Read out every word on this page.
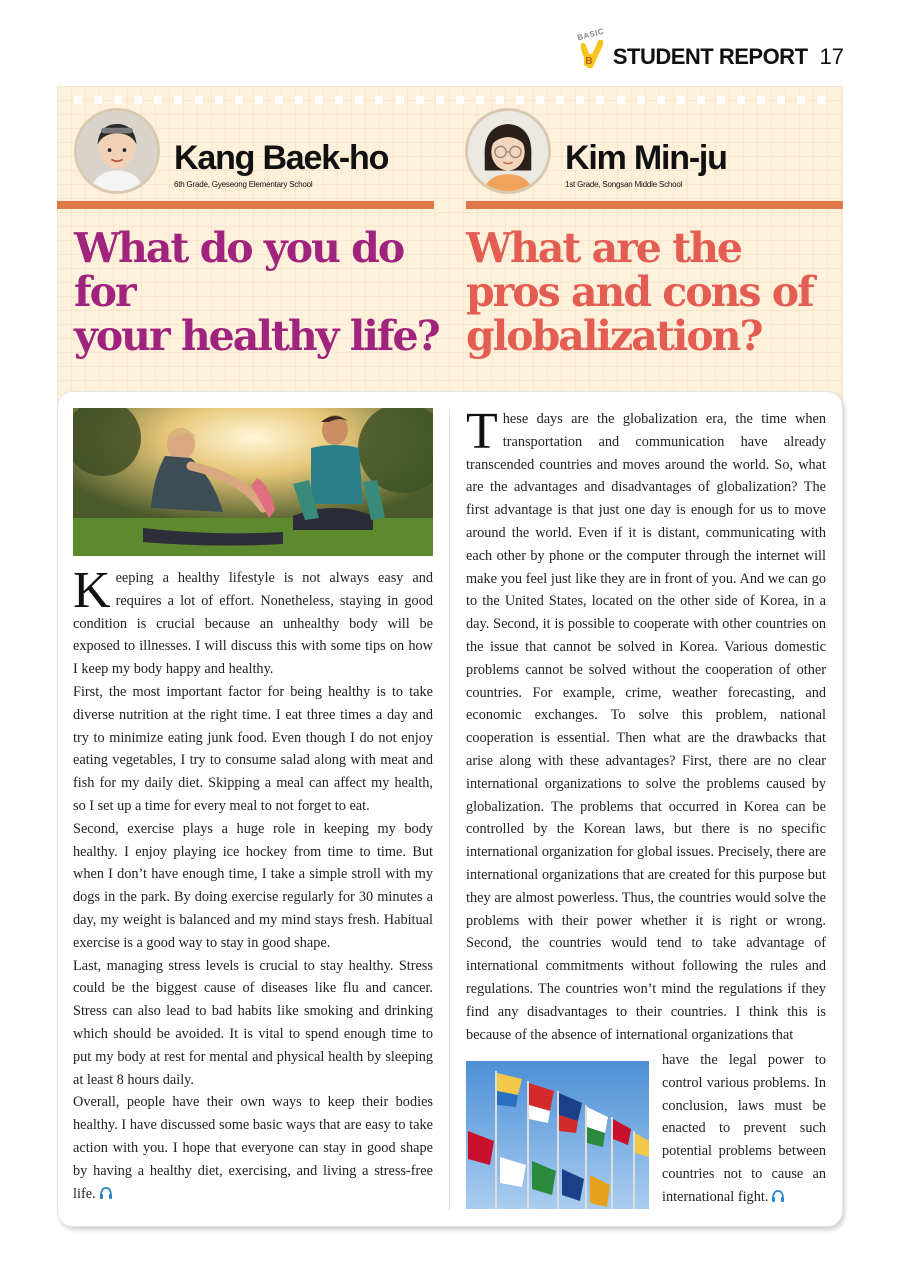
BASIC
B STUDENT REPORT 17
Kang Baek-ho
6th Grade, Gyeseong Elementary School
Kim Min-ju
1st Grade, Songsan Middle School
What do you do for
your healthy life?
What are the
pros and cons of
globalization?

Keeping a healthy lifestyle is not always easy and requires a lot of effort. Nonetheless, staying in good condition is crucial because an unhealthy body will be exposed to illnesses. I will discuss this with some tips on how I keep my body happy and healthy.

First, the most important factor for being healthy is to take diverse nutrition at the right time. I eat three times a day and try to minimize eating junk food. Even though I do not enjoy eating vegetables, I try to consume salad along with meat and fish for my daily diet. Skipping a meal can affect my health, so I set up a time for every meal to not forget to eat.

Second, exercise plays a huge role in keeping my body healthy. I enjoy playing ice hockey from time to time. But when I don’t have enough time, I take a simple stroll with my dogs in the park. By doing exercise regularly for 30 minutes a day, my weight is balanced and my mind stays fresh. Habitual exercise is a good way to stay in good shape.

Last, managing stress levels is crucial to stay healthy. Stress could be the biggest cause of diseases like flu and cancer. Stress can also lead to bad habits like smoking and drinking which should be avoided. It is vital to spend enough time to put my body at rest for mental and physical health by sleeping at least 8 hours daily.

Overall, people have their own ways to keep their bodies healthy. I have discussed some basic ways that are easy to take action with you. I hope that everyone can stay in good shape by having a healthy diet, exercising, and living a stress-free life.

These days are the globalization era, the time when transportation and communication have already transcended countries and moves around the world. So, what are the advantages and disadvantages of globalization? The first advantage is that just one day is enough for us to move around the world. Even if it is distant, communicating with each other by phone or the computer through the internet will make you feel just like they are in front of you. And we can go to the United States, located on the other side of Korea, in a day. Second, it is possible to cooperate with other countries on the issue that cannot be solved in Korea. Various domestic problems cannot be solved without the cooperation of other countries. For example, crime, weather forecasting, and economic exchanges. To solve this problem, national cooperation is essential. Then what are the drawbacks that arise along with these advantages? First, there are no clear international organizations to solve the problems caused by globalization. The problems that occurred in Korea can be controlled by the Korean laws, but there is no specific international organization for global issues. Precisely, there are international organizations that are created for this purpose but they are almost powerless. Thus, the countries would solve the problems with their power whether it is right or wrong. Second, the countries would tend to take advantage of international commitments without following the rules and regulations. The countries won’t mind the regulations if they find any disadvantages to their countries. I think this is because of the absence of international organizations that

have the legal power to control various problems. In conclusion, laws must be enacted to prevent such potential problems between countries not to cause an international fight.
